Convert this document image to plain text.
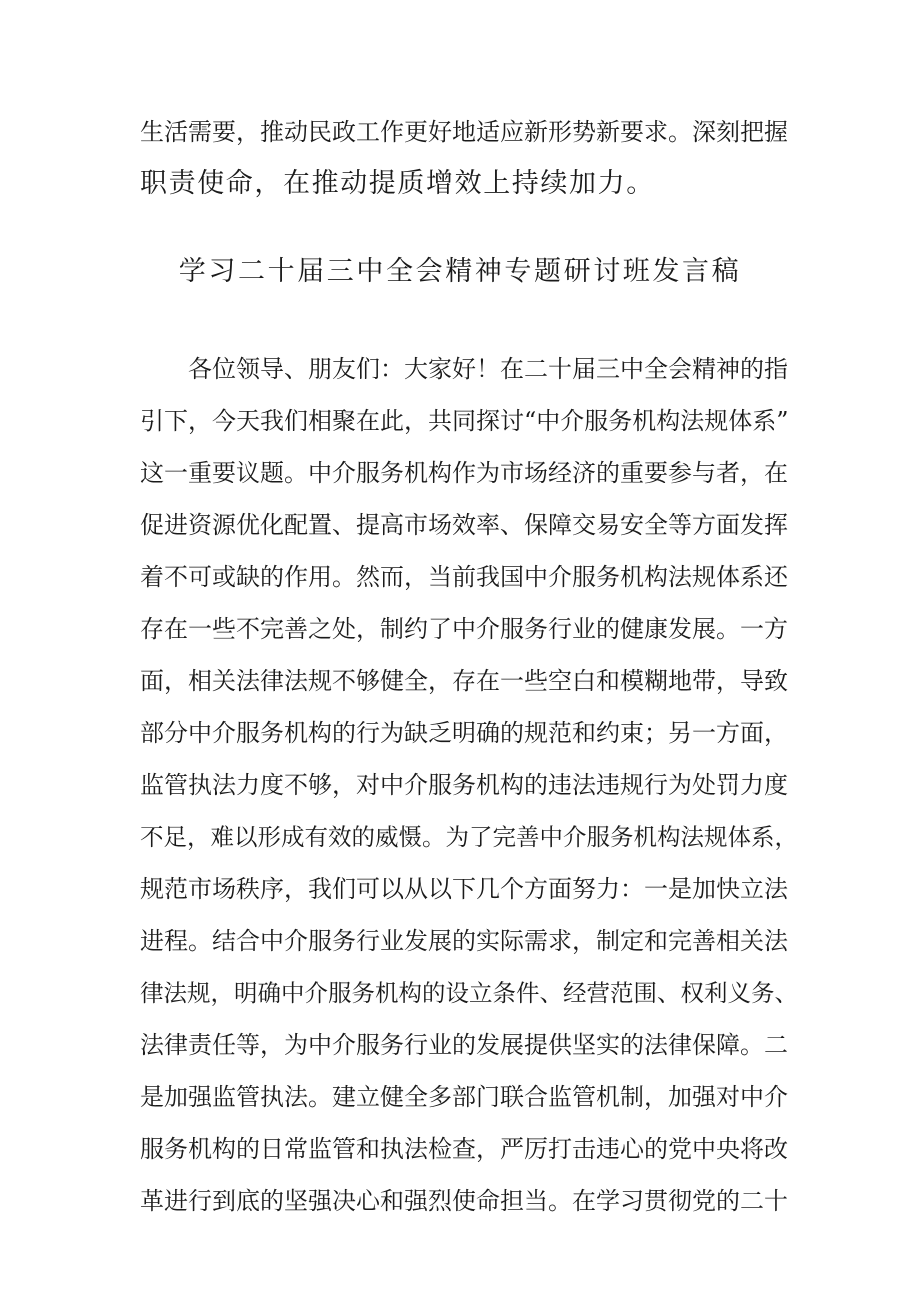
生活需要，推动民政工作更好地适应新形势新要求。深刻把握
职责使命，在推动提质增效上持续加力。
学习二十届三中全会精神专题研讨班发言稿
　　各位领导、朋友们：大家好！在二十届三中全会精神的指
引下，今天我们相聚在此，共同探讨“中介服务机构法规体系”
这一重要议题。中介服务机构作为市场经济的重要参与者，在
促进资源优化配置、提高市场效率、保障交易安全等方面发挥
着不可或缺的作用。然而，当前我国中介服务机构法规体系还
存在一些不完善之处，制约了中介服务行业的健康发展。一方
面，相关法律法规不够健全，存在一些空白和模糊地带，导致
部分中介服务机构的行为缺乏明确的规范和约束；另一方面，
监管执法力度不够，对中介服务机构的违法违规行为处罚力度
不足，难以形成有效的威慑。为了完善中介服务机构法规体系，
规范市场秩序，我们可以从以下几个方面努力：一是加快立法
进程。结合中介服务行业发展的实际需求，制定和完善相关法
律法规，明确中介服务机构的设立条件、经营范围、权利义务、
法律责任等，为中介服务行业的发展提供坚实的法律保障。二
是加强监管执法。建立健全多部门联合监管机制，加强对中介
服务机构的日常监管和执法检查，严厉打击违心的党中央将改
革进行到底的坚强决心和强烈使命担当。在学习贯彻党的二十
